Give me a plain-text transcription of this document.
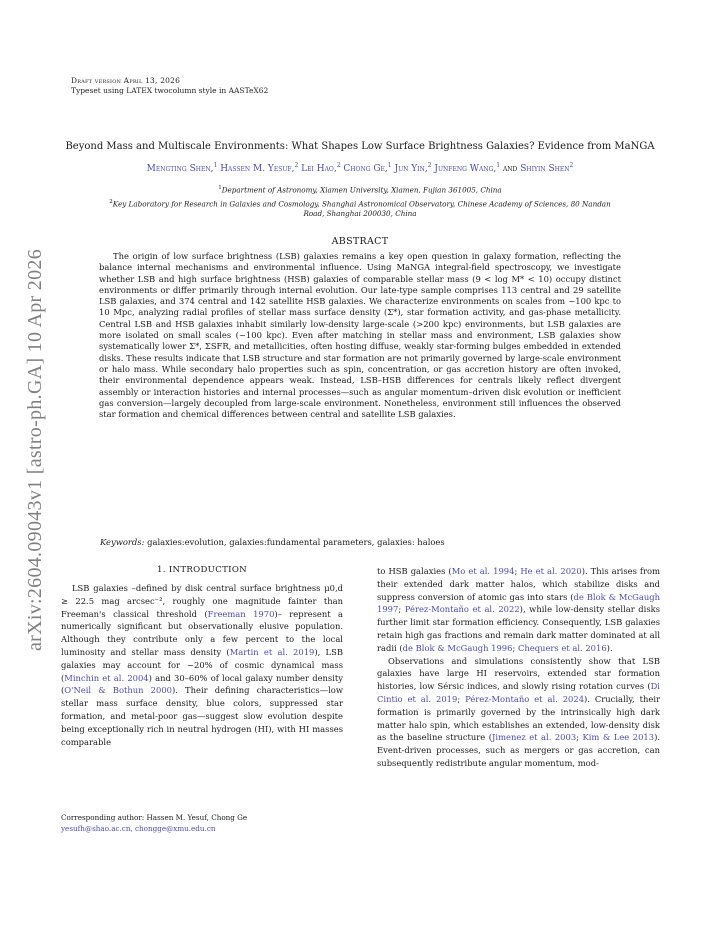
Draft version April 13, 2026
Typeset using LATEX twocolumn style in AASTeX62
arXiv:2604.09043v1 [astro-ph.GA] 10 Apr 2026
Beyond Mass and Multiscale Environments: What Shapes Low Surface Brightness Galaxies? Evidence from MaNGA
Mengting Shen,$^1$ Hassen M. Yesuf,$^2$ Lei Hao,$^2$ Chong Ge,$^1$ Jun Yin,$^2$ Junfeng Wang,$^1$ and Shiyin Shen$^2$
$^1$Department of Astronomy, Xiamen University, Xiamen, Fujian 361005, China
$^2$Key Laboratory for Research in Galaxies and Cosmology, Shanghai Astronomical Observatory, Chinese Academy of Sciences, 80 Nandan
Road, Shanghai 200030, China
ABSTRACT
The origin of low surface brightness (LSB) galaxies remains a key open question in galaxy formation, reflecting the balance internal mechanisms and environmental influence. Using MaNGA integral-field spectroscopy, we investigate whether LSB and high surface brightness (HSB) galaxies of comparable stellar mass (9 < log M* < 10) occupy distinct environments or differ primarily through internal evolution. Our late-type sample comprises 113 central and 29 satellite LSB galaxies, and 374 central and 142 satellite HSB galaxies. We characterize environments on scales from ~100 kpc to 10 Mpc, analyzing radial profiles of stellar mass surface density (Σ*), star formation activity, and gas-phase metallicity. Central LSB and HSB galaxies inhabit similarly low-density large-scale (>200 kpc) environments, but LSB galaxies are more isolated on small scales (~100 kpc). Even after matching in stellar mass and environment, LSB galaxies show systematically lower Σ*, ΣSFR, and metallicities, often hosting diffuse, weakly star-forming bulges embedded in extended disks. These results indicate that LSB structure and star formation are not primarily governed by large-scale environment or halo mass. While secondary halo properties such as spin, concentration, or gas accretion history are often invoked, their environmental dependence appears weak. Instead, LSB–HSB differences for centrals likely reflect divergent assembly or interaction histories and internal processes—such as angular momentum–driven disk evolution or inefficient gas conversion—largely decoupled from large-scale environment. Nonetheless, environment still influences the observed star formation and chemical differences between central and satellite LSB galaxies.
Keywords: galaxies:evolution, galaxies:fundamental parameters, galaxies: haloes
1. INTRODUCTION
LSB galaxies –defined by disk central surface brightness μ0,d ≥ 22.5 mag arcsec⁻², roughly one magnitude fainter than Freeman's classical threshold (Freeman 1970)– represent a numerically significant but observationally elusive population. Although they contribute only a few percent to the local luminosity and stellar mass density (Martin et al. 2019), LSB galaxies may account for ~20% of cosmic dynamical mass (Minchin et al. 2004) and 30–60% of local galaxy number density (O'Neil & Bothun 2000). Their defining characteristics—low stellar mass surface density, blue colors, suppressed star formation, and metal-poor gas—suggest slow evolution despite being exceptionally rich in neutral hydrogen (HI), with HI masses comparable

to HSB galaxies (Mo et al. 1994; He et al. 2020). This arises from their extended dark matter halos, which stabilize disks and suppress conversion of atomic gas into stars (de Blok & McGaugh 1997; Pérez-Montaño et al. 2022), while low-density stellar disks further limit star formation efficiency. Consequently, LSB galaxies retain high gas fractions and remain dark matter dominated at all radii (de Blok & McGaugh 1996; Chequers et al. 2016).

Observations and simulations consistently show that LSB galaxies have large HI reservoirs, extended star formation histories, low Sérsic indices, and slowly rising rotation curves (Di Cintio et al. 2019; Pérez-Montaño et al. 2024). Crucially, their formation is primarily governed by the intrinsically high dark matter halo spin, which establishes an extended, low-density disk as the baseline structure (Jimenez et al. 2003; Kim & Lee 2013). Event-driven processes, such as mergers or gas accretion, can subsequently redistribute angular momentum, mod-

Corresponding author: Hassen M. Yesuf, Chong Ge
yesufh@shao.ac.cn, chongge@xmu.edu.cn
